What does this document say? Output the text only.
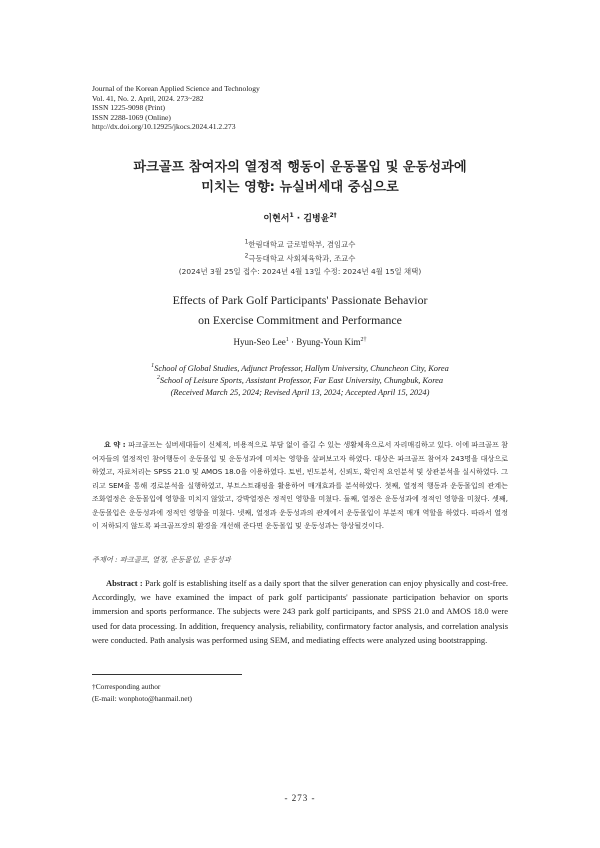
Journal of the Korean Applied Science and Technology
Vol. 41, No. 2. April, 2024. 273~282
ISSN 1225-9098 (Print)
ISSN 2288-1069 (Online)
http://dx.doi.org/10.12925/jkocs.2024.41.2.273
파크골프 참여자의 열정적 행동이 운동몰입 및 운동성과에
미치는 영향: 뉴실버세대 중심으로
이현서$^1$ · 김병윤$^{2\dagger}$
$^1$한림대학교 글로벌학부, 겸임교수
$^2$극동대학교 사회체육학과, 조교수
(2024년 3월 25일 접수: 2024년 4월 13일 수정: 2024년 4월 15일 채택)
Effects of Park Golf Participants' Passionate Behavior
on Exercise Commitment and Performance
Hyun-Seo Lee$^1$ · Byung-Youn Kim$^{2\dagger}$
$^1$School of Global Studies, Adjunct Professor, Hallym University, Chuncheon City, Korea
$^2$School of Leisure Sports, Assistant Professor, Far East University, Chungbuk, Korea
(Received March 25, 2024; Revised April 13, 2024; Accepted April 15, 2024)
요 약 : 파크골프는 실버세대들이 신체적, 비용적으로 부담 없이 즐길 수 있는 생활체육으로서 자리매김하고 있다. 이에 파크골프 참여자들의 열정적인 참여행동이 운동몰입 및 운동성과에 미치는 영향을 살펴보고자 하였다. 대상은 파크골프 참여자 243명을 대상으로 하였고, 자료처리는 SPSS 21.0 및 AMOS 18.0을 이용하였다. 토빈, 빈도분석, 신뢰도, 확인적 요인분석 및 상관분석을 실시하였다. 그리고 SEM을 통해 경로분석을 실행하였고, 부트스트래핑을 활용하여 매개효과를 분석하였다. 첫째, 열정적 행동과 운동몰입의 관계는 조화열정은 운동몰입에 영향을 미치지 않았고, 강박열정은 정적인 영향을 미쳤다. 둘째, 열정은 운동성과에 정적인 영향을 미쳤다. 셋째, 운동몰입은 운동성과에 정적인 영향을 미쳤다. 넷째, 열정과 운동성과의 관계에서 운동몰입이 부분적 매개 역할을 하였다. 따라서 열정이 저하되지 않도록 파크골프장의 환경을 개선해 준다면 운동몰입 및 운동성과는 향상될것이다.
주제어 : 파크골프, 열정, 운동몰입, 운동성과
Abstract : Park golf is establishing itself as a daily sport that the silver generation can enjoy physically and cost-free. Accordingly, we have examined the impact of park golf participants' passionate participation behavior on sports immersion and sports performance. The subjects were 243 park golf participants, and SPSS 21.0 and AMOS 18.0 were used for data processing. In addition, frequency analysis, reliability, confirmatory factor analysis, and correlation analysis were conducted. Path analysis was performed using SEM, and mediating effects were analyzed using bootstrapping.
†Corresponding author
(E-mail: wonphoto@hanmail.net)
- 273 -
